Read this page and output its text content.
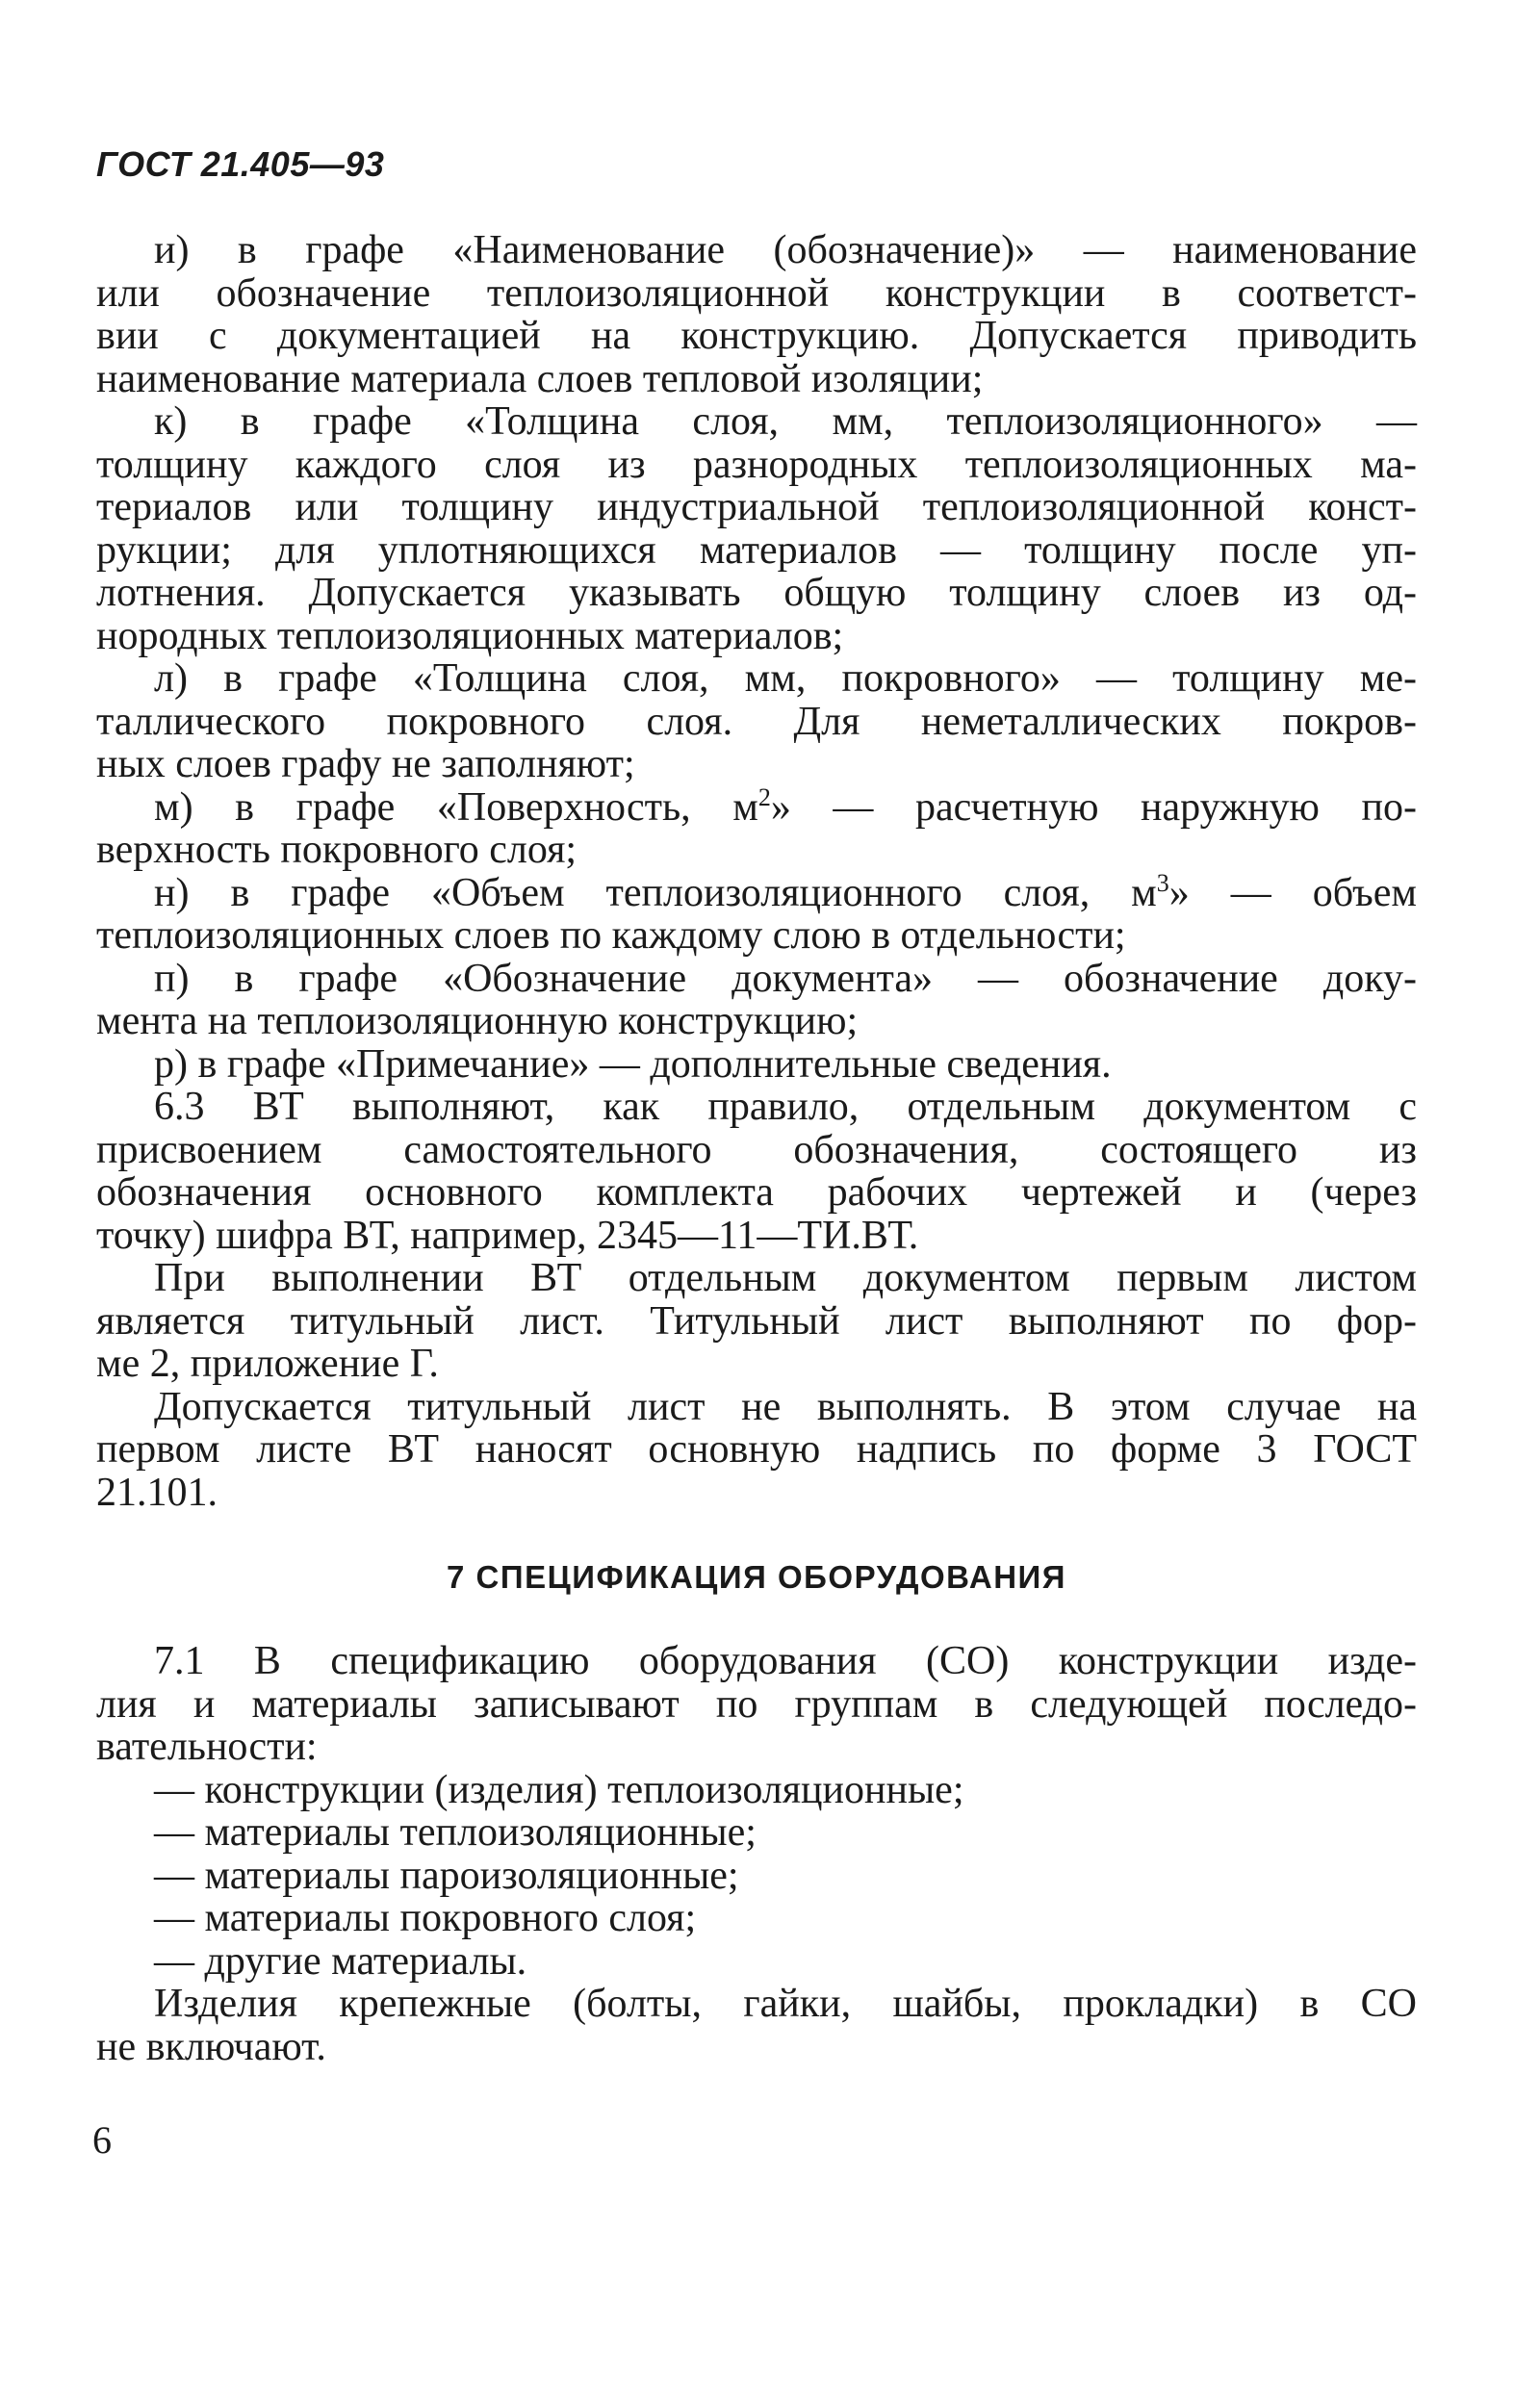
ГОСТ 21.405—93
и) в графе «Наименование (обозначение)» — наименование
или обозначение теплоизоляционной конструкции в соответст-
вии с документацией на конструкцию. Допускается приводить
наименование материала слоев тепловой изоляции;
к) в графе «Толщина слоя, мм, теплоизоляционного» —
толщину каждого слоя из разнородных теплоизоляционных ма-
териалов или толщину индустриальной теплоизоляционной конст-
рукции; для уплотняющихся материалов — толщину после уп-
лотнения. Допускается указывать общую толщину слоев из од-
нородных теплоизоляционных материалов;
л) в графе «Толщина слоя, мм, покровного» — толщину ме-
таллического покровного слоя. Для неметаллических покров-
ных слоев графу не заполняют;
м) в графе «Поверхность, $м^2$» — расчетную наружную по-
верхность покровного слоя;
н) в графе «Объем теплоизоляционного слоя, $м^3$» — объем
теплоизоляционных слоев по каждому слою в отдельности;
п) в графе «Обозначение документа» — обозначение доку-
мента на теплоизоляционную конструкцию;
р) в графе «Примечание» — дополнительные сведения.
6.3 ВТ выполняют, как правило, отдельным документом с
присвоением самостоятельного обозначения, состоящего из
обозначения основного комплекта рабочих чертежей и (через
точку) шифра ВТ, например, 2345—11—ТИ.ВТ.
При выполнении ВТ отдельным документом первым листом
является титульный лист. Титульный лист выполняют по фор-
ме 2, приложение Г.
Допускается титульный лист не выполнять. В этом случае на
первом листе ВТ наносят основную надпись по форме 3 ГОСТ
21.101.
7 СПЕЦИФИКАЦИЯ ОБОРУДОВАНИЯ
7.1 В спецификацию оборудования (СО) конструкции изде-
лия и материалы записывают по группам в следующей последо-
вательности:
— конструкции (изделия) теплоизоляционные;
— материалы теплоизоляционные;
— материалы пароизоляционные;
— материалы покровного слоя;
— другие материалы.
Изделия крепежные (болты, гайки, шайбы, прокладки) в СО
не включают.
6
